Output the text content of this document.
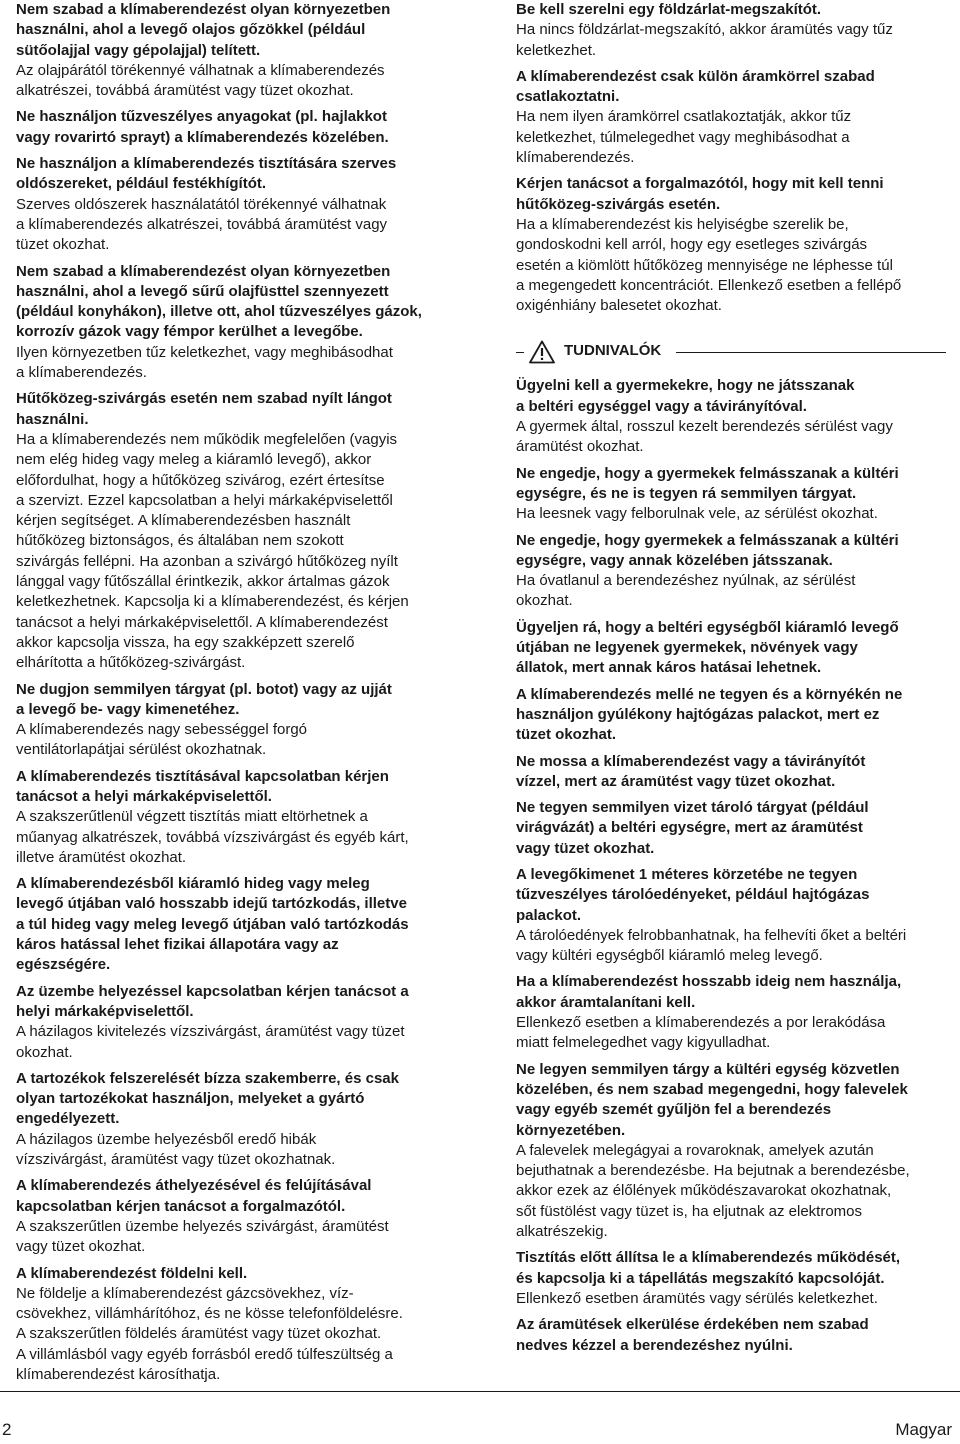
Nem szabad a klímaberendezést olyan környezetben
használni, ahol a levegő olajos gőzökkel (például
sütőolajjal vagy gépolajjal) telített.
Az olajpárától törékennyé válhatnak a klímaberendezés
alkatrészei, továbbá áramütést vagy tüzet okozhat.
Ne használjon tűzveszélyes anyagokat (pl. hajlakkot
vagy rovarirtó sprayt) a klímaberendezés közelében.
Ne használjon a klímaberendezés tisztítására szerves
oldószereket, például festékhígítót.
Szerves oldószerek használatától törékennyé válhatnak
a klímaberendezés alkatrészei, továbbá áramütést vagy
tüzet okozhat.
Nem szabad a klímaberendezést olyan környezetben
használni, ahol a levegő sűrű olajfüsttel szennyezett
(például konyhákon), illetve ott, ahol tűzveszélyes gázok,
korrozív gázok vagy fémpor kerülhet a levegőbe.
Ilyen környezetben tűz keletkezhet, vagy meghibásodhat
a klímaberendezés.
Hűtőközeg-szivárgás esetén nem szabad nyílt lángot
használni.
Ha a klímaberendezés nem működik megfelelően (vagyis
nem elég hideg vagy meleg a kiáramló levegő), akkor
előfordulhat, hogy a hűtőközeg szivárog, ezért értesítse
a szervizt. Ezzel kapcsolatban a helyi márkaképviselettől
kérjen segítséget. A klímaberendezésben használt
hűtőközeg biztonságos, és általában nem szokott
szivárgás fellépni. Ha azonban a szivárgó hűtőközeg nyílt
lánggal vagy fűtőszállal érintkezik, akkor ártalmas gázok
keletkezhetnek. Kapcsolja ki a klímaberendezést, és kérjen
tanácsot a helyi márkaképviselettől. A klímaberendezést
akkor kapcsolja vissza, ha egy szakképzett szerelő
elhárította a hűtőközeg-szivárgást.
Ne dugjon semmilyen tárgyat (pl. botot) vagy az ujját
a levegő be- vagy kimenetéhez.
A klímaberendezés nagy sebességgel forgó
ventilátorlapátjai sérülést okozhatnak.
A klímaberendezés tisztításával kapcsolatban kérjen
tanácsot a helyi márkaképviselettől.
A szakszerűtlenül végzett tisztítás miatt eltörhetnek a
műanyag alkatrészek, továbbá vízszivárgást és egyéb kárt,
illetve áramütést okozhat.
A klímaberendezésből kiáramló hideg vagy meleg
levegő útjában való hosszabb idejű tartózkodás, illetve
a túl hideg vagy meleg levegő útjában való tartózkodás
káros hatással lehet fizikai állapotára vagy az
egészségére.
Az üzembe helyezéssel kapcsolatban kérjen tanácsot a
helyi márkaképviselettől.
A házilagos kivitelezés vízszivárgást, áramütést vagy tüzet
okozhat.
A tartozékok felszerelését bízza szakemberre, és csak
olyan tartozékokat használjon, melyeket a gyártó
engedélyezett.
A házilagos üzembe helyezésből eredő hibák
vízszivárgást, áramütést vagy tüzet okozhatnak.
A klímaberendezés áthelyezésével és felújításával
kapcsolatban kérjen tanácsot a forgalmazótól.
A szakszerűtlen üzembe helyezés szivárgást, áramütést
vagy tüzet okozhat.
A klímaberendezést földelni kell.
Ne földelje a klímaberendezést gázcsövekhez, víz-
csövekhez, villámhárítóhoz, és ne kösse telefonföldelésre.
A szakszerűtlen földelés áramütést vagy tüzet okozhat.
A villámlásból vagy egyéb forrásból eredő túlfeszültség a
klímaberendezést károsíthatja.
Be kell szerelni egy földzárlat-megszakítót.
Ha nincs földzárlat-megszakító, akkor áramütés vagy tűz
keletkezhet.
A klímaberendezést csak külön áramkörrel szabad
csatlakoztatni.
Ha nem ilyen áramkörrel csatlakoztatják, akkor tűz
keletkezhet, túlmelegedhet vagy meghibásodhat a
klímaberendezés.
Kérjen tanácsot a forgalmazótól, hogy mit kell tenni
hűtőközeg-szivárgás esetén.
Ha a klímaberendezést kis helyiségbe szerelik be,
gondoskodni kell arról, hogy egy esetleges szivárgás
esetén a kiömlött hűtőközeg mennyisége ne léphesse túl
a megengedett koncentrációt. Ellenkező esetben a fellépő
oxigénhiány balesetet okozhat.
TUDNIVALÓK
Ügyelni kell a gyermekekre, hogy ne játsszanak
a beltéri egységgel vagy a távirányítóval.
A gyermek által, rosszul kezelt berendezés sérülést vagy
áramütést okozhat.
Ne engedje, hogy a gyermekek felmásszanak a kültéri
egységre, és ne is tegyen rá semmilyen tárgyat.
Ha leesnek vagy felborulnak vele, az sérülést okozhat.
Ne engedje, hogy gyermekek a felmásszanak a kültéri
egységre, vagy annak közelében játsszanak.
Ha óvatlanul a berendezéshez nyúlnak, az sérülést
okozhat.
Ügyeljen rá, hogy a beltéri egységből kiáramló levegő
útjában ne legyenek gyermekek, növények vagy
állatok, mert annak káros hatásai lehetnek.
A klímaberendezés mellé ne tegyen és a környékén ne
használjon gyúlékony hajtógázas palackot, mert ez
tüzet okozhat.
Ne mossa a klímaberendezést vagy a távirányítót
vízzel, mert az áramütést vagy tüzet okozhat.
Ne tegyen semmilyen vizet tároló tárgyat (például
virágvázát) a beltéri egységre, mert az áramütést
vagy tüzet okozhat.
A levegőkimenet 1 méteres körzetébe ne tegyen
tűzveszélyes tárolóedényeket, például hajtógázas
palackot.
A tárolóedények felrobbanhatnak, ha felhevíti őket a beltéri
vagy kültéri egységből kiáramló meleg levegő.
Ha a klímaberendezést hosszabb ideig nem használja,
akkor áramtalanítani kell.
Ellenkező esetben a klímaberendezés a por lerakódása
miatt felmelegedhet vagy kigyulladhat.
Ne legyen semmilyen tárgy a kültéri egység közvetlen
közelében, és nem szabad megengedni, hogy falevelek
vagy egyéb szemét gyűljön fel a berendezés
környezetében.
A falevelek melegágyai a rovaroknak, amelyek azután
bejuthatnak a berendezésbe. Ha bejutnak a berendezésbe,
akkor ezek az élőlények működészavarokat okozhatnak,
sőt füstölést vagy tüzet is, ha eljutnak az elektromos
alkatrészekig.
Tisztítás előtt állítsa le a klímaberendezés működését,
és kapcsolja ki a tápellátás megszakító kapcsolóját.
Ellenkező esetben áramütés vagy sérülés keletkezhet.
Az áramütések elkerülése érdekében nem szabad
nedves kézzel a berendezéshez nyúlni.
2	Magyar
